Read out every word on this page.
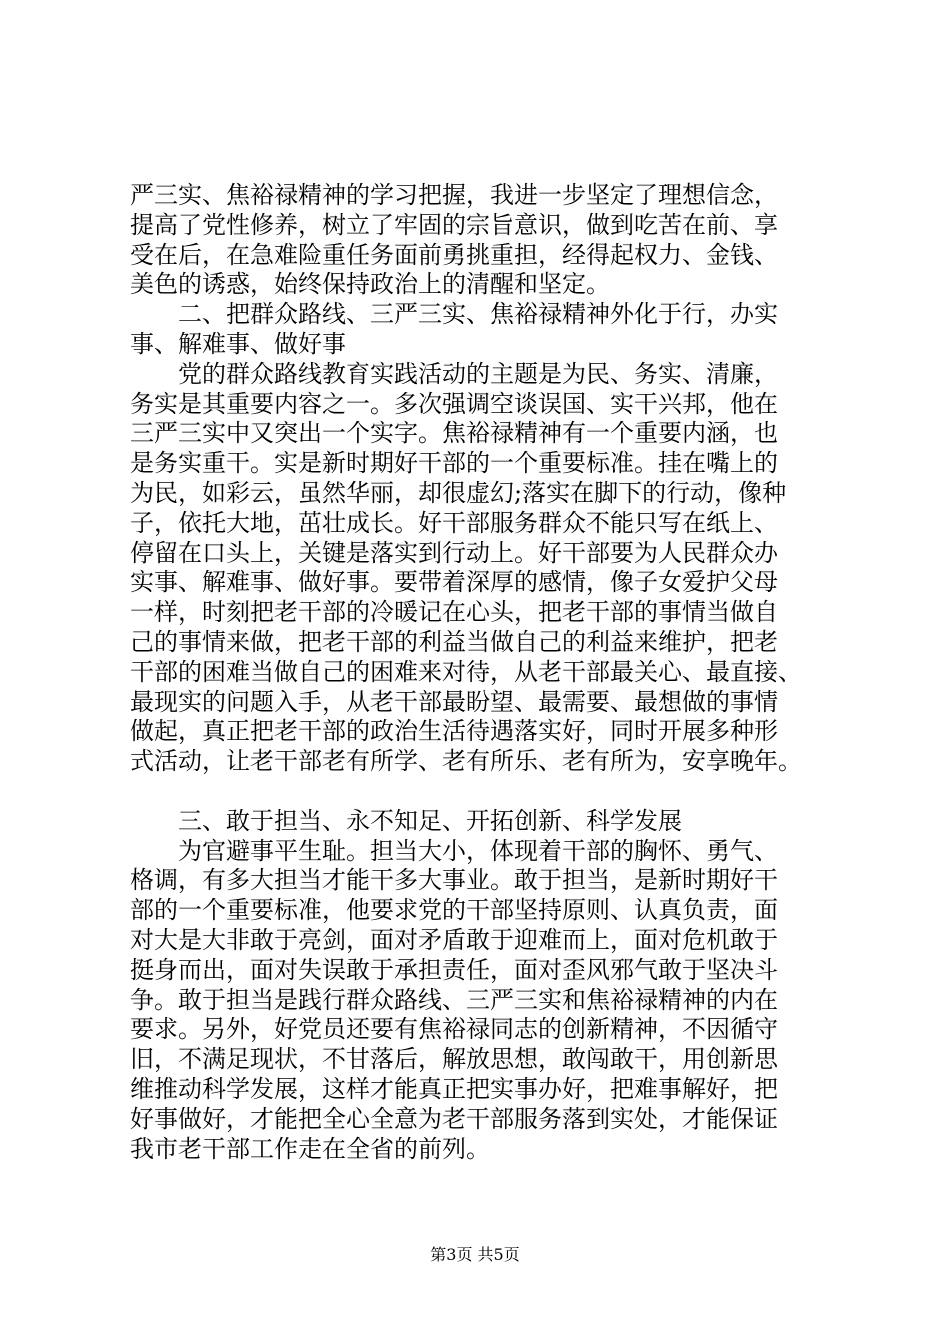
严三实、焦裕禄精神的学习把握，我进一步坚定了理想信念，
提高了党性修养，树立了牢固的宗旨意识，做到吃苦在前、享
受在后，在急难险重任务面前勇挑重担，经得起权力、金钱、
美色的诱惑，始终保持政治上的清醒和坚定。
　　二、把群众路线、三严三实、焦裕禄精神外化于行，办实
事、解难事、做好事
　　党的群众路线教育实践活动的主题是为民、务实、清廉，
务实是其重要内容之一。多次强调空谈误国、实干兴邦，他在
三严三实中又突出一个实字。焦裕禄精神有一个重要内涵，也
是务实重干。实是新时期好干部的一个重要标准。挂在嘴上的
为民，如彩云，虽然华丽，却很虚幻;落实在脚下的行动，像种
子，依托大地，茁壮成长。好干部服务群众不能只写在纸上、
停留在口头上，关键是落实到行动上。好干部要为人民群众办
实事、解难事、做好事。要带着深厚的感情，像子女爱护父母
一样，时刻把老干部的冷暖记在心头，把老干部的事情当做自
己的事情来做，把老干部的利益当做自己的利益来维护，把老
干部的困难当做自己的困难来对待，从老干部最关心、最直接、
最现实的问题入手，从老干部最盼望、最需要、最想做的事情
做起，真正把老干部的政治生活待遇落实好，同时开展多种形
式活动，让老干部老有所学、老有所乐、老有所为，安享晚年。
　　三、敢于担当、永不知足、开拓创新、科学发展
　　为官避事平生耻。担当大小，体现着干部的胸怀、勇气、
格调，有多大担当才能干多大事业。敢于担当，是新时期好干
部的一个重要标准，他要求党的干部坚持原则、认真负责，面
对大是大非敢于亮剑，面对矛盾敢于迎难而上，面对危机敢于
挺身而出，面对失误敢于承担责任，面对歪风邪气敢于坚决斗
争。敢于担当是践行群众路线、三严三实和焦裕禄精神的内在
要求。另外，好党员还要有焦裕禄同志的创新精神，不因循守
旧，不满足现状，不甘落后，解放思想，敢闯敢干，用创新思
维推动科学发展，这样才能真正把实事办好，把难事解好，把
好事做好，才能把全心全意为老干部服务落到实处，才能保证
我市老干部工作走在全省的前列。
第3页 共5页
